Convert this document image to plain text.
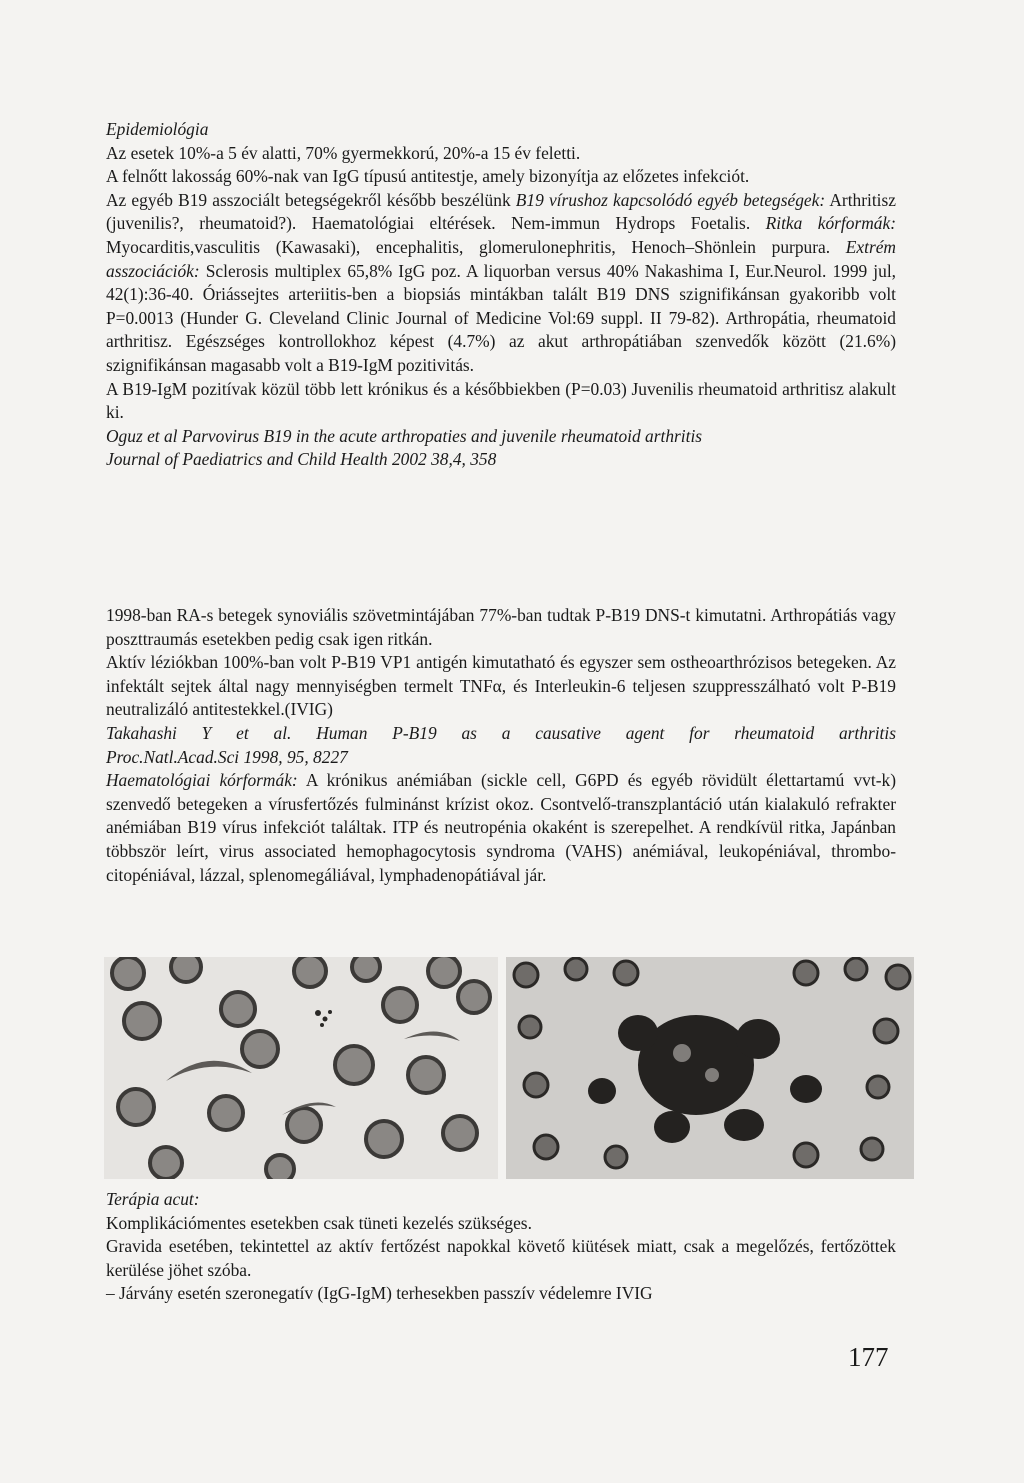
Epidemiológia

Az esetek 10%-a 5 év alatti, 70% gyermekkorú, 20%-a 15 év feletti.

A felnőtt lakosság 60%-nak van IgG típusú antitestje, amely bizonyítja az előzetes infekciót.

Az egyéb B19 asszociált betegségekről később beszélünk B19 vírushoz kapcsolódó egyéb betegségek: Arthritisz (juvenilis?, rheumatoid?). Haematológiai eltérések. Nem-immun Hydrops Foetalis. Ritka kórformák: Myocarditis,vasculitis (Kawasaki), encephalitis, glomerulonephritis, Henoch–Shönlein purpura. Extrém asszociációk: Sclerosis multiplex 65,8% IgG poz. A liquorban versus 40% Nakashima I, Eur.Neurol. 1999 jul, 42(1):36-40. Óriássejtes arteriitis-ben a biopsiás mintákban talált B19 DNS szignifikánsan gyakoribb volt P=0.0013 (Hunder G. Cleveland Clinic Journal of Medicine Vol:69 suppl. II 79-82). Arthropátia, rheumatoid arthritisz. Egészséges kontrollokhoz képest (4.7%) az akut arthropátiában szenvedők között (21.6%) szignifikánsan magasabb volt a B19-IgM pozitivitás.

A B19-IgM pozitívak közül több lett krónikus és a későbbiekben (P=0.03) Juvenilis rheumatoid arthritisz alakult ki.

Oguz et al Parvovirus B19 in the acute arthropaties and juvenile rheumatoid arthritis

Journal of Paediatrics and Child Health 2002 38,4, 358

1998-ban RA-s betegek synoviális szövetmintájában 77%-ban tudtak P-B19 DNS-t kimutatni. Arthropátiás vagy poszttraumás esetekben pedig csak igen ritkán.

Aktív léziókban 100%-ban volt P-B19 VP1 antigén kimutatható és egyszer sem ostheoarthrózisos betegeken. Az infektált sejtek által nagy mennyiségben termelt TNFα, és Interleukin-6 teljesen szuppresszálható volt P-B19 neutralizáló antitestekkel.(IVIG)

Takahashi Y et al. Human P-B19 as a causative agent for rheumatoid arthritis

Proc.Natl.Acad.Sci 1998, 95, 8227

Haematológiai kórformák: A krónikus anémiában (sickle cell, G6PD és egyéb rövidült élettartamú vvt-k) szenvedő betegeken a vírusfertőzés fulminánst krízist okoz. Csontvelő-transzplantáció után kialakuló refrakter anémiában B19 vírus infekciót találtak. ITP és neutropénia okaként is szerepelhet. A rendkívül ritka, Japánban többször leírt, virus associated hemophagocytosis syndroma (VAHS) anémiával, leukopéniával, thrombo-citopéniával, lázzal, splenomegáliával, lymphadenopátiával jár.

Terápia acut:

Komplikációmentes esetekben csak tüneti kezelés szükséges.

Gravida esetében, tekintettel az aktív fertőzést napokkal követő kiütések miatt, csak a megelőzés, fertőzöttek kerülése jöhet szóba.

– Járvány esetén szeronegatív (IgG-IgM) terhesekben passzív védelemre IVIG

177
